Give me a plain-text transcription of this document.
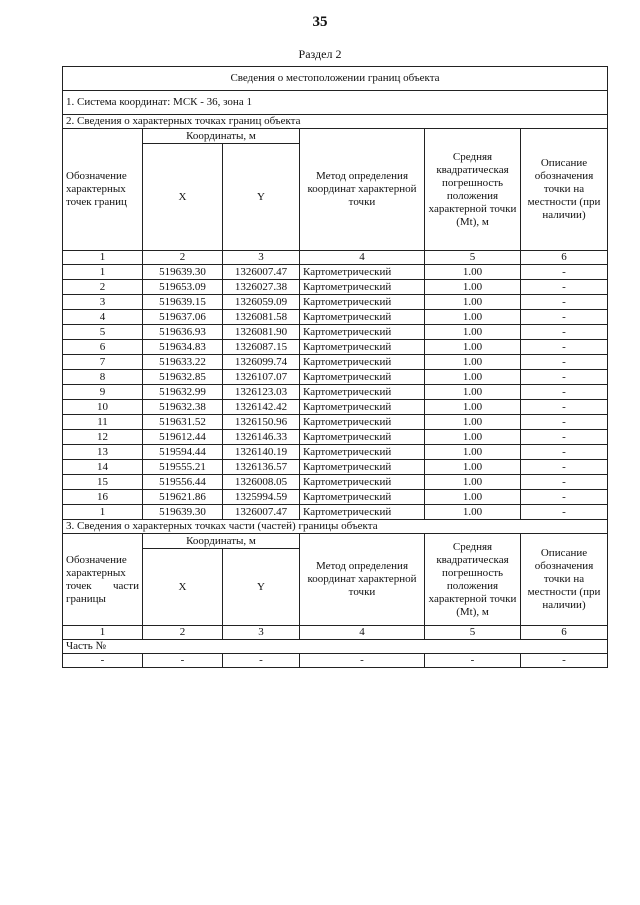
35
Раздел 2
Сведения о местоположении границ объекта					
1. Система координат: МСК - 36, зона 1					
2. Сведения о характерных точках границ объекта					
Обозначение характерных точек границ	Координаты, м		Метод определения координат характерной точки	Средняя квадратическая погрешность положения характерной точки (Mt), м	Описание обозначения точки на местности (при наличии)
	X	Y			
1	2	3	4	5	6
1	519639.30	1326007.47	Картометрический	1.00	-
2	519653.09	1326027.38	Картометрический	1.00	-
3	519639.15	1326059.09	Картометрический	1.00	-
4	519637.06	1326081.58	Картометрический	1.00	-
5	519636.93	1326081.90	Картометрический	1.00	-
6	519634.83	1326087.15	Картометрический	1.00	-
7	519633.22	1326099.74	Картометрический	1.00	-
8	519632.85	1326107.07	Картометрический	1.00	-
9	519632.99	1326123.03	Картометрический	1.00	-
10	519632.38	1326142.42	Картометрический	1.00	-
11	519631.52	1326150.96	Картометрический	1.00	-
12	519612.44	1326146.33	Картометрический	1.00	-
13	519594.44	1326140.19	Картометрический	1.00	-
14	519555.21	1326136.57	Картометрический	1.00	-
15	519556.44	1326008.05	Картометрический	1.00	-
16	519621.86	1325994.59	Картометрический	1.00	-
1	519639.30	1326007.47	Картометрический	1.00	-
3. Сведения о характерных точках части (частей) границы объекта					
Обозначение характерных точек части границы	Координаты, м		Метод определения координат характерной точки	Средняя квадратическая погрешность положения характерной точки (Mt), м	Описание обозначения точки на местности (при наличии)
	X	Y			
1	2	3	4	5	6
Часть №					
-	-	-	-	-	-
